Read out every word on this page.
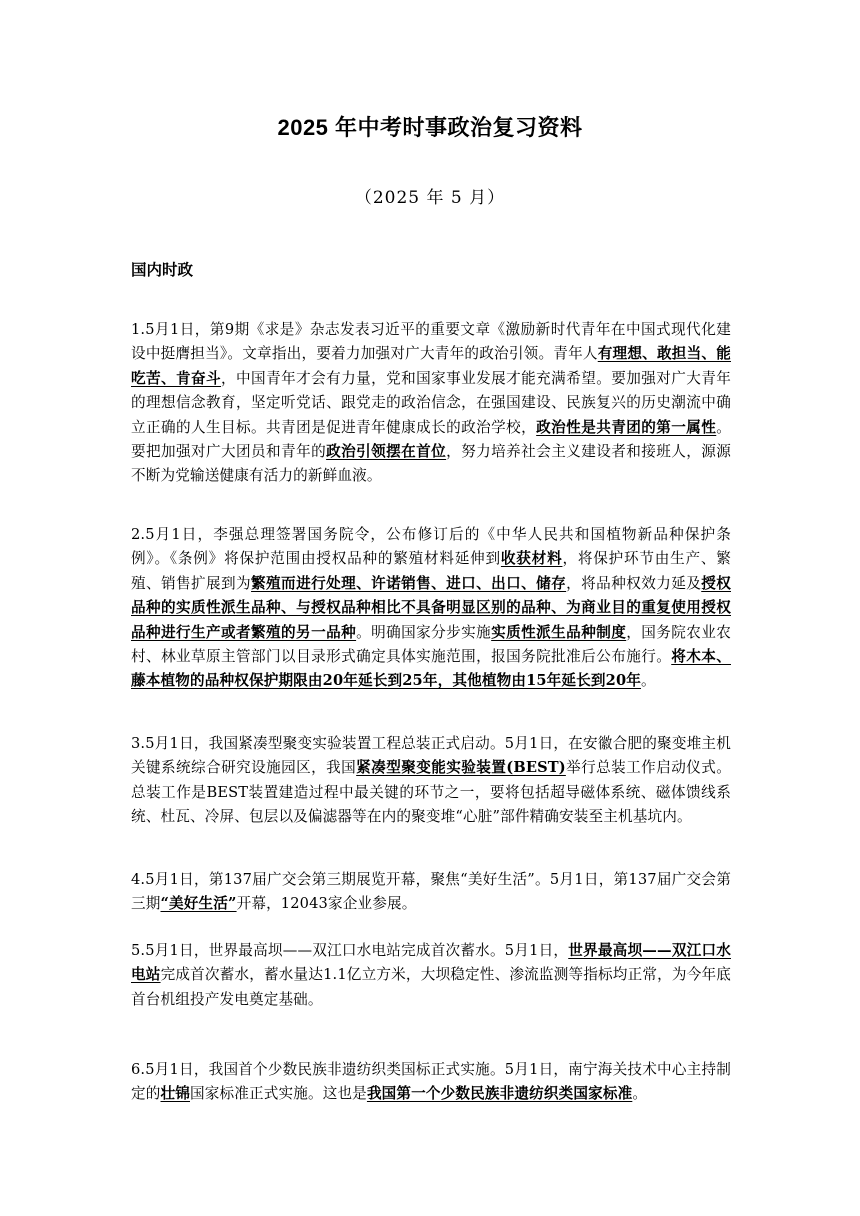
2025 年中考时事政治复习资料
（2025 年 5 月）
国内时政

1.5月1日，第9期《求是》杂志发表习近平的重要文章《激励新时代青年在中国式现代化建设中挺膺担当》。文章指出，要着力加强对广大青年的政治引领。青年人有理想、敢担当、能吃苦、肯奋斗，中国青年才会有力量，党和国家事业发展才能充满希望。要加强对广大青年的理想信念教育，坚定听党话、跟党走的政治信念，在强国建设、民族复兴的历史潮流中确立正确的人生目标。共青团是促进青年健康成长的政治学校，政治性是共青团的第一属性。要把加强对广大团员和青年的政治引领摆在首位，努力培养社会主义建设者和接班人，源源不断为党输送健康有活力的新鲜血液。

2.5月1日，李强总理签署国务院令，公布修订后的《中华人民共和国植物新品种保护条例》。《条例》将保护范围由授权品种的繁殖材料延伸到收获材料，将保护环节由生产、繁殖、销售扩展到为繁殖而进行处理、许诺销售、进口、出口、储存，将品种权效力延及授权品种的实质性派生品种、与授权品种相比不具备明显区别的品种、为商业目的重复使用授权品种进行生产或者繁殖的另一品种。明确国家分步实施实质性派生品种制度，国务院农业农村、林业草原主管部门以目录形式确定具体实施范围，报国务院批准后公布施行。将木本、藤本植物的品种权保护期限由20年延长到25年，其他植物由15年延长到20年。

3.5月1日，我国紧凑型聚变实验装置工程总装正式启动。5月1日，在安徽合肥的聚变堆主机关键系统综合研究设施园区，我国紧凑型聚变能实验装置(BEST)举行总装工作启动仪式。总装工作是BEST装置建造过程中最关键的环节之一，要将包括超导磁体系统、磁体馈线系统、杜瓦、冷屏、包层以及偏滤器等在内的聚变堆“心脏”部件精确安装至主机基坑内。

4.5月1日，第137届广交会第三期展览开幕，聚焦“美好生活”。5月1日，第137届广交会第三期“美好生活”开幕，12043家企业参展。

5.5月1日，世界最高坝——双江口水电站完成首次蓄水。5月1日，世界最高坝——双江口水电站完成首次蓄水，蓄水量达1.1亿立方米，大坝稳定性、渗流监测等指标均正常，为今年底首台机组投产发电奠定基础。

6.5月1日，我国首个少数民族非遗纺织类国标正式实施。5月1日，南宁海关技术中心主持制定的壮锦国家标准正式实施。这也是我国第一个少数民族非遗纺织类国家标准。
